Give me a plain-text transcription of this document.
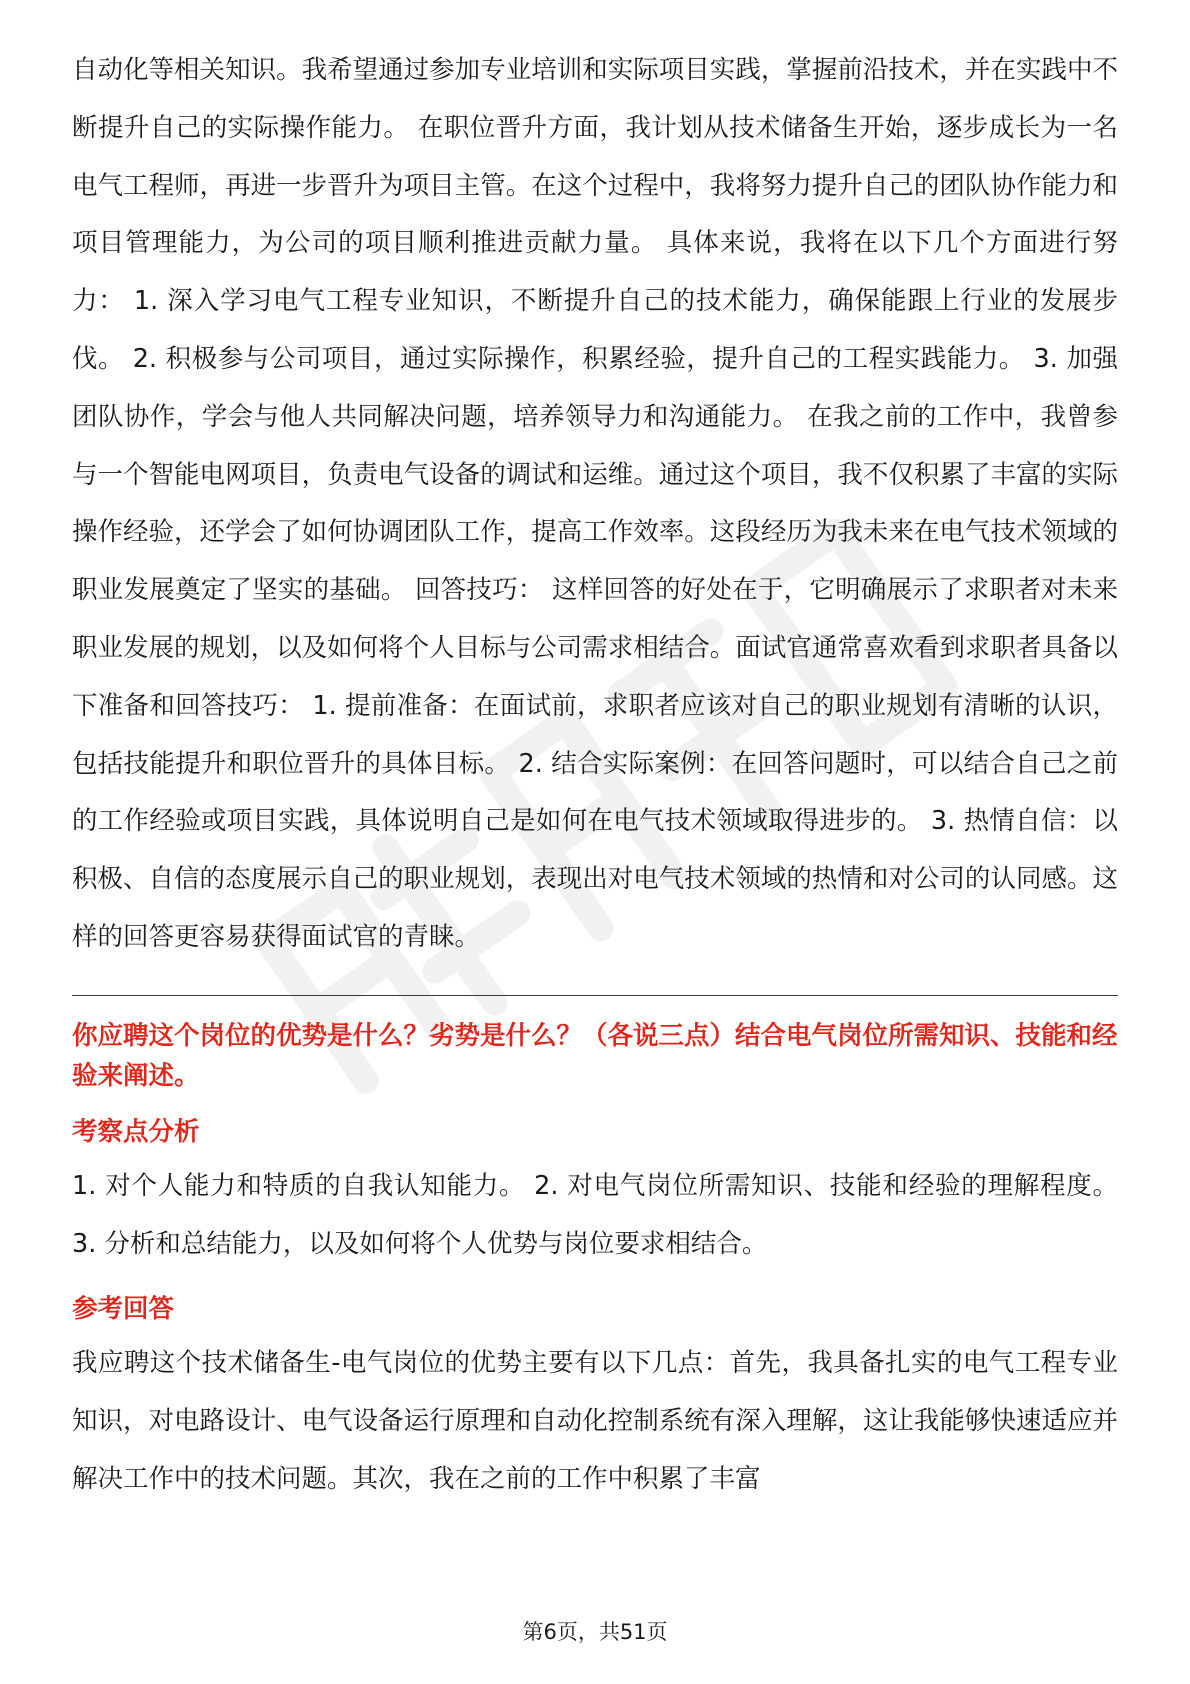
自动化等相关知识。我希望通过参加专业培训和实际项目实践，掌握前沿技术，并在实践中不断提升自己的实际操作能力。 在职位晋升方面，我计划从技术储备生开始，逐步成长为一名电气工程师，再进一步晋升为项目主管。在这个过程中，我将努力提升自己的团队协作能力和项目管理能力，为公司的项目顺利推进贡献力量。 具体来说，我将在以下几个方面进行努力： 1. 深入学习电气工程专业知识，不断提升自己的技术能力，确保能跟上行业的发展步伐。 2. 积极参与公司项目，通过实际操作，积累经验，提升自己的工程实践能力。 3. 加强团队协作，学会与他人共同解决问题，培养领导力和沟通能力。 在我之前的工作中，我曾参与一个智能电网项目，负责电气设备的调试和运维。通过这个项目，我不仅积累了丰富的实际操作经验，还学会了如何协调团队工作，提高工作效率。这段经历为我未来在电气技术领域的职业发展奠定了坚实的基础。 回答技巧： 这样回答的好处在于，它明确展示了求职者对未来职业发展的规划，以及如何将个人目标与公司需求相结合。面试官通常喜欢看到求职者具备以下准备和回答技巧： 1. 提前准备：在面试前，求职者应该对自己的职业规划有清晰的认识，包括技能提升和职位晋升的具体目标。 2. 结合实际案例：在回答问题时，可以结合自己之前的工作经验或项目实践，具体说明自己是如何在电气技术领域取得进步的。 3. 热情自信：以积极、自信的态度展示自己的职业规划，表现出对电气技术领域的热情和对公司的认同感。这样的回答更容易获得面试官的青睐。

你应聘这个岗位的优势是什么？劣势是什么？（各说三点）结合电气岗位所需知识、技能和经验来阐述。

考察点分析

1. 对个人能力和特质的自我认知能力。 2. 对电气岗位所需知识、技能和经验的理解程度。 3. 分析和总结能力，以及如何将个人优势与岗位要求相结合。

参考回答

我应聘这个技术储备生-电气岗位的优势主要有以下几点：首先，我具备扎实的电气工程专业知识，对电路设计、电气设备运行原理和自动化控制系统有深入理解，这让我能够快速适应并解决工作中的技术问题。其次，我在之前的工作中积累了丰富

第6页，共51页
